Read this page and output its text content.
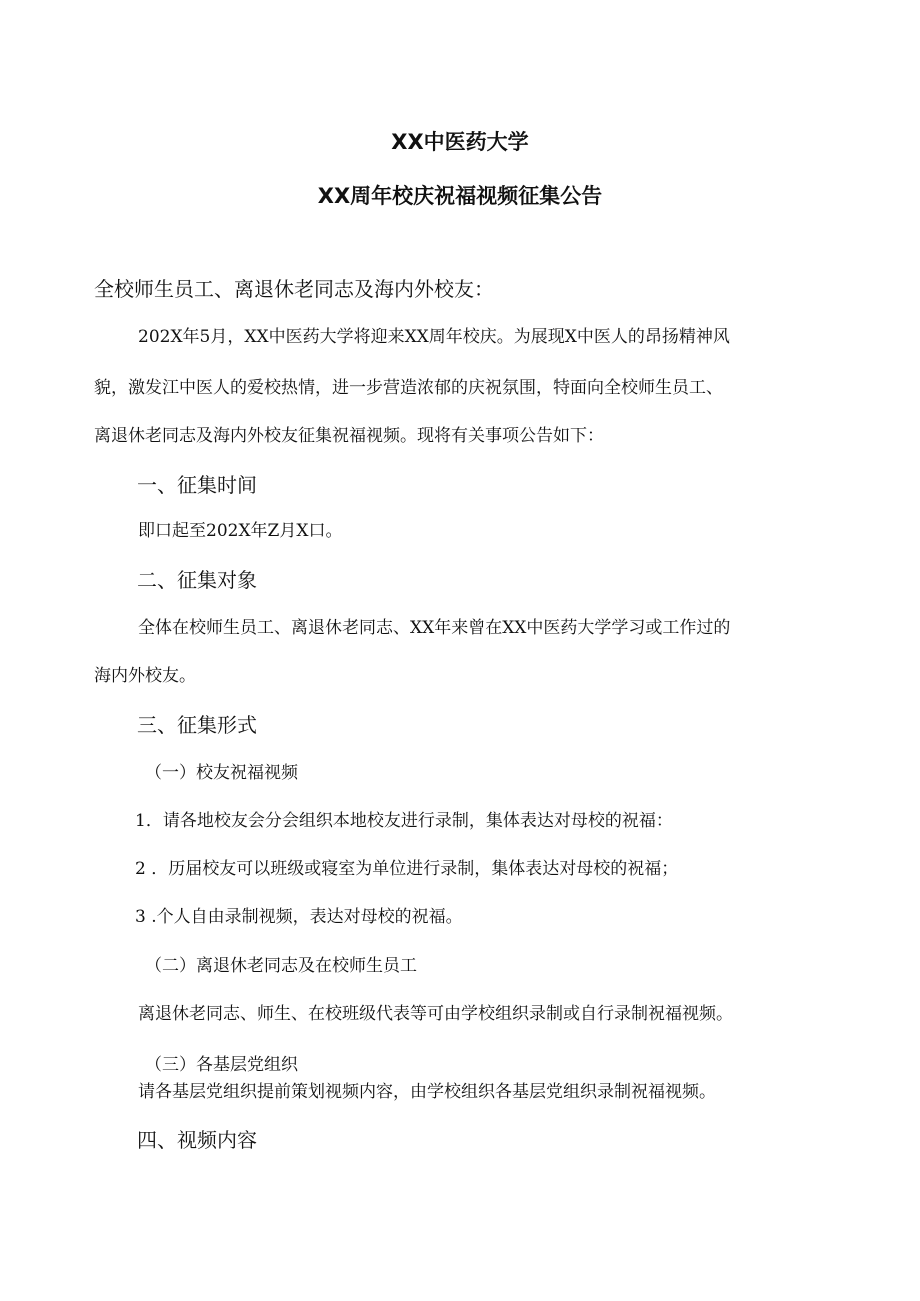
XX中医药大学
XX周年校庆祝福视频征集公告
全校师生员工、离退休老同志及海内外校友：
202X年5月，XX中医药大学将迎来XX周年校庆。为展现X中医人的昂扬精神风
貌，激发江中医人的爱校热情，进一步营造浓郁的庆祝氛围，特面向全校师生员工、
离退休老同志及海内外校友征集祝福视频。现将有关事项公告如下：
一、征集时间
即口起至202X年Z月X口。
二、征集对象
全体在校师生员工、离退休老同志、XX年来曾在XX中医药大学学习或工作过的
海内外校友。
三、征集形式
（一）校友祝福视频
1．请各地校友会分会组织本地校友进行录制，集体表达对母校的祝福：
2 ．历届校友可以班级或寝室为单位进行录制，集体表达对母校的祝福；
3 .个人自由录制视频，表达对母校的祝福。
（二）离退休老同志及在校师生员工
离退休老同志、师生、在校班级代表等可由学校组织录制或自行录制祝福视频。
（三）各基层党组织
请各基层党组织提前策划视频内容，由学校组织各基层党组织录制祝福视频。
四、视频内容
